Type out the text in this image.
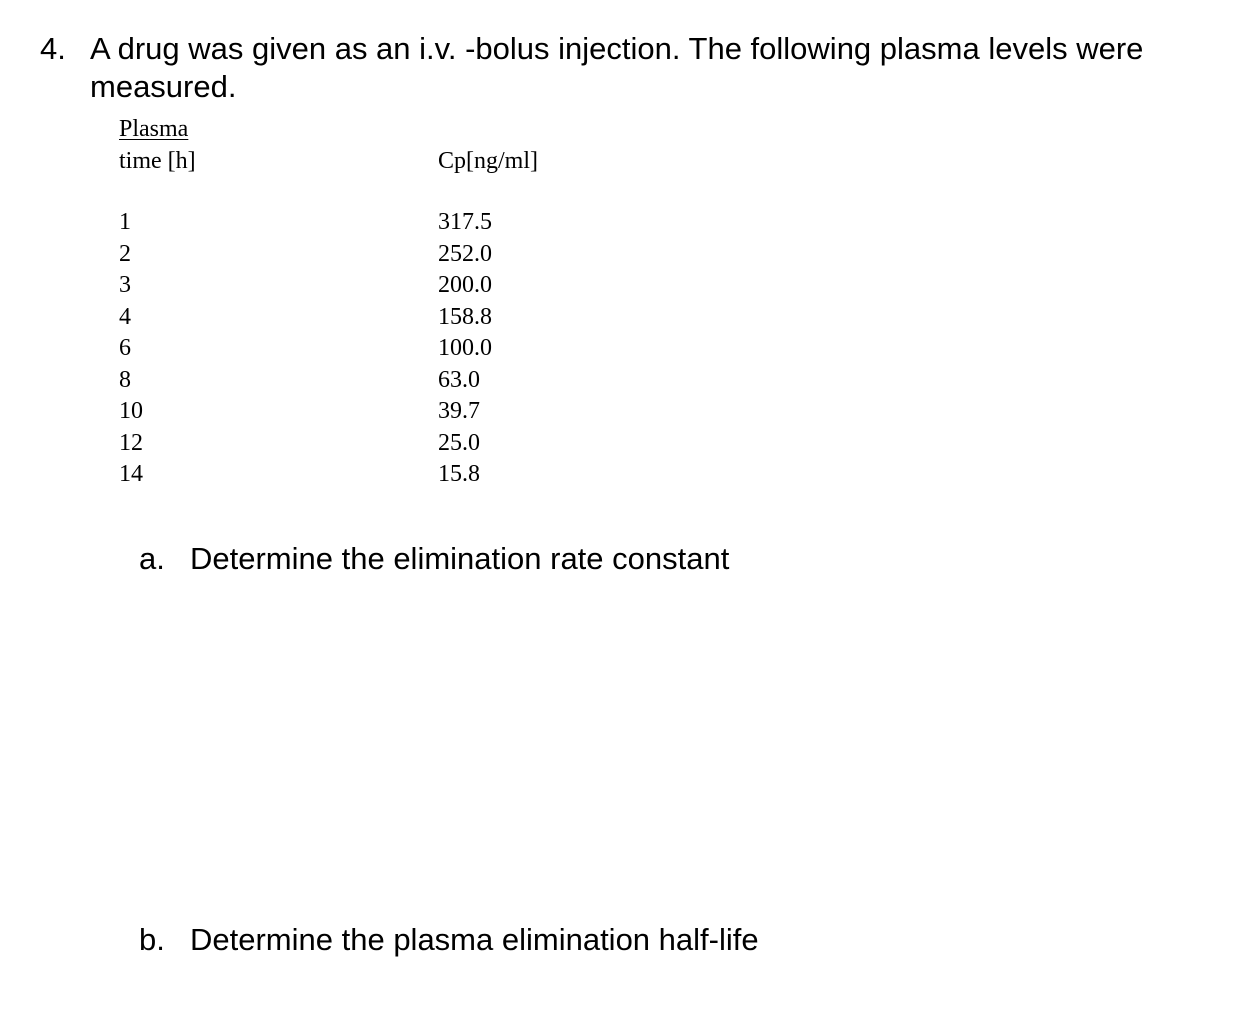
4. A drug was given as an i.v. -bolus injection. The following plasma levels were measured.
Plasma
time [h]	Cp[ng/ml]
1
2
3
4
6
8
10
12
14
317.5
252.0
200.0
158.8
100.0
63.0
39.7
25.0
15.8
a. Determine the elimination rate constant
b. Determine the plasma elimination half-life
